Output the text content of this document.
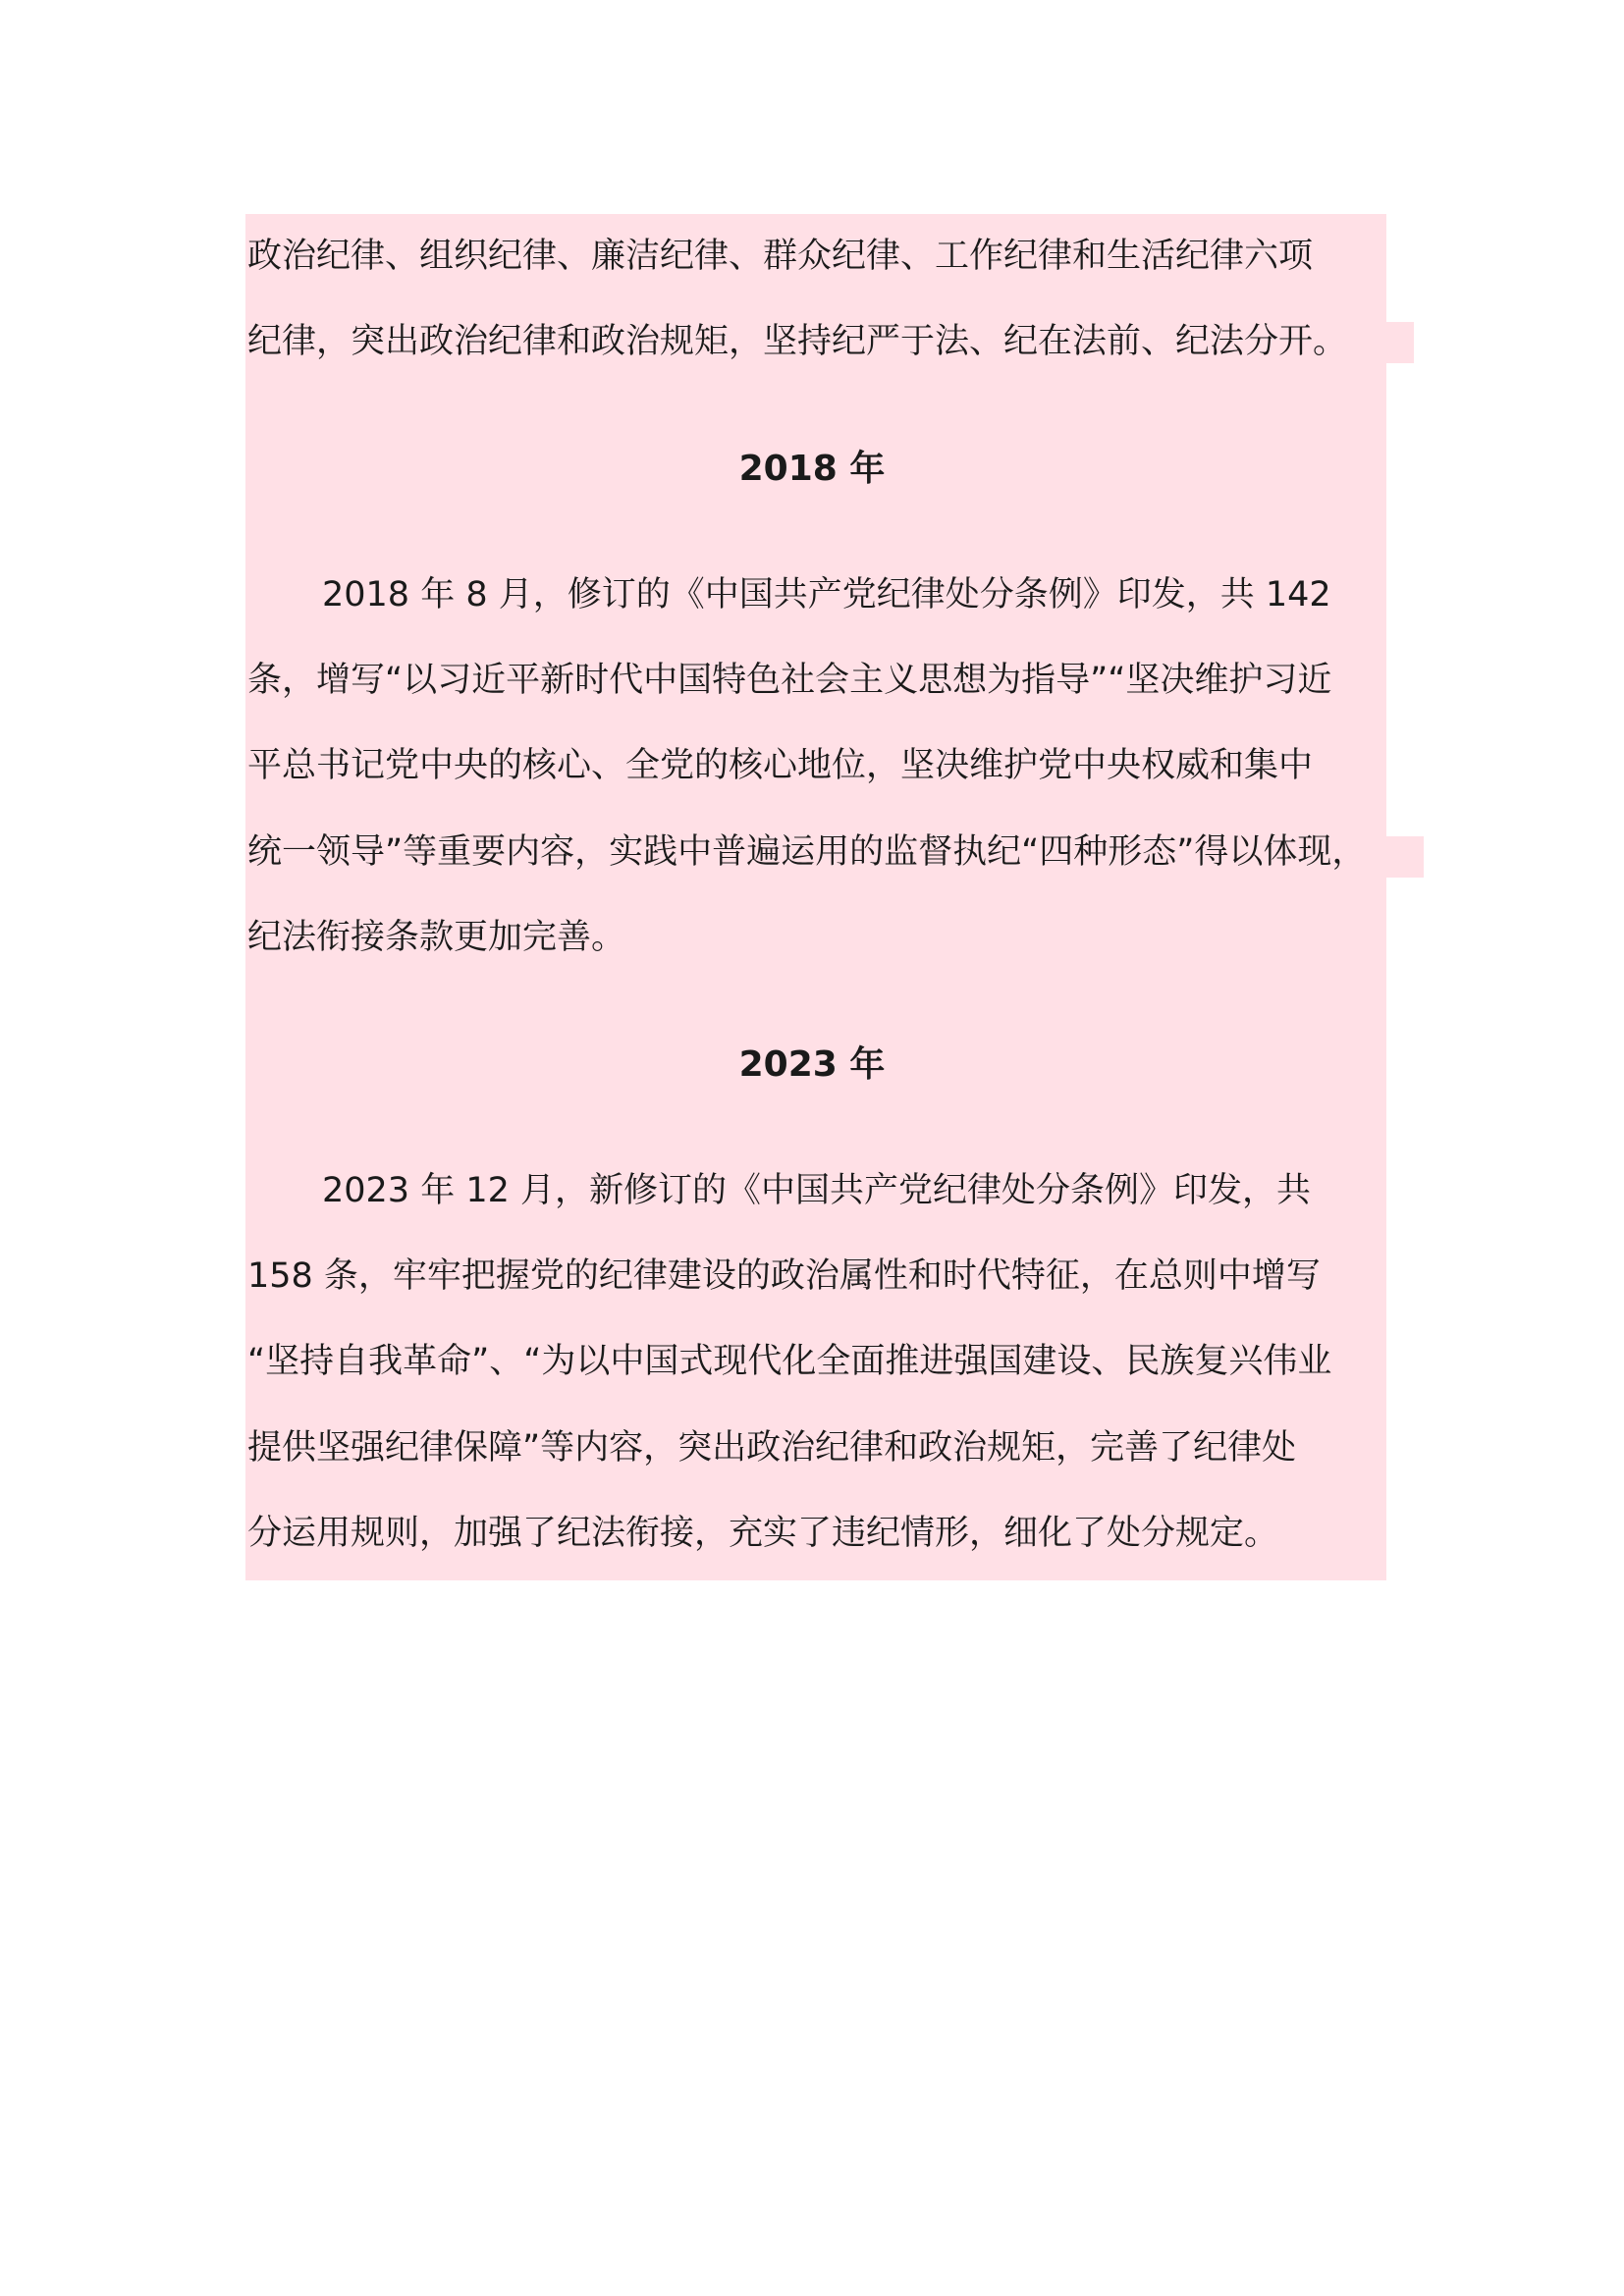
政治纪律、组织纪律、廉洁纪律、群众纪律、工作纪律和生活纪律六项
纪律，突出政治纪律和政治规矩，坚持纪严于法、纪在法前、纪法分开。
2018 年
2018 年 8 月，修订的《中国共产党纪律处分条例》印发，共 142
条，增写“以习近平新时代中国特色社会主义思想为指导”“坚决维护习近
平总书记党中央的核心、全党的核心地位，坚决维护党中央权威和集中
统一领导”等重要内容，实践中普遍运用的监督执纪“四种形态”得以体现，
纪法衔接条款更加完善。
2023 年
2023 年 12 月，新修订的《中国共产党纪律处分条例》印发，共
158 条，牢牢把握党的纪律建设的政治属性和时代特征，在总则中增写
“坚持自我革命”、“为以中国式现代化全面推进强国建设、民族复兴伟业
提供坚强纪律保障”等内容，突出政治纪律和政治规矩，完善了纪律处
分运用规则，加强了纪法衔接，充实了违纪情形，细化了处分规定。
